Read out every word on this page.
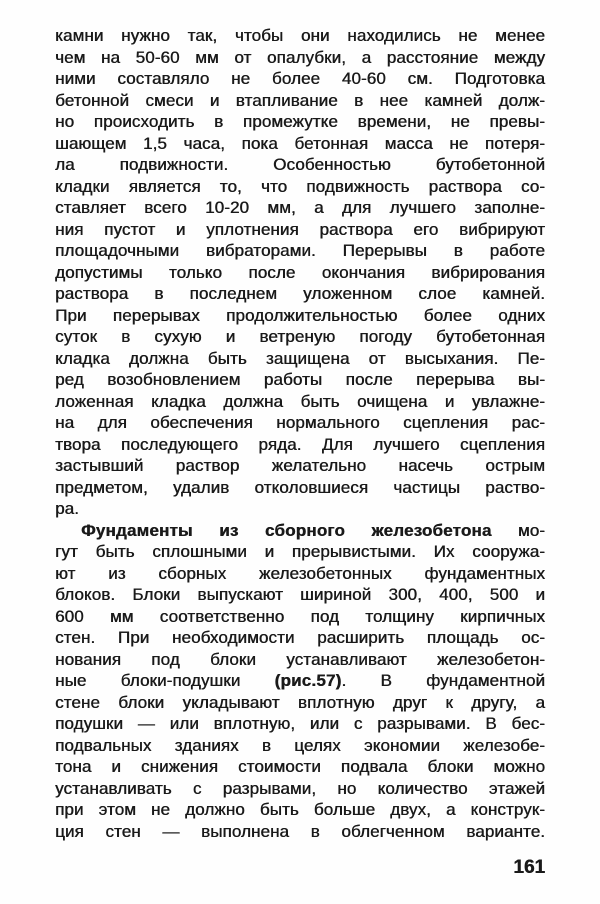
камни нужно так, чтобы они находились не менее
чем на 50-60 мм от опалубки, а расстояние между
ними составляло не более 40-60 см. Подготовка
бетонной смеси и втапливание в нее камней долж-
но происходить в промежутке времени, не превы-
шающем 1,5 часа, пока бетонная масса не потеря-
ла подвижности. Особенностью бутобетонной
кладки является то, что подвижность раствора со-
ставляет всего 10-20 мм, а для лучшего заполне-
ния пустот и уплотнения раствора его вибрируют
площадочными вибраторами. Перерывы в работе
допустимы только после окончания вибрирования
раствора в последнем уложенном слое камней.
При перерывах продолжительностью более одних
суток в сухую и ветреную погоду бутобетонная
кладка должна быть защищена от высыхания. Пе-
ред возобновлением работы после перерыва вы-
ложенная кладка должна быть очищена и увлажне-
на для обеспечения нормального сцепления рас-
твора последующего ряда. Для лучшего сцепления
застывший раствор желательно насечь острым
предметом, удалив отколовшиеся частицы раство-
ра.
Фундаменты из сборного железобетона мо-
гут быть сплошными и прерывистыми. Их сооружа-
ют из сборных железобетонных фундаментных
блоков. Блоки выпускают шириной 300, 400, 500 и
600 мм соответственно под толщину кирпичных
стен. При необходимости расширить площадь ос-
нования под блоки устанавливают железобетон-
ные блоки-подушки (рис.57). В фундаментной
стене блоки укладывают вплотную друг к другу, а
подушки — или вплотную, или с разрывами. В бес-
подвальных зданиях в целях экономии железобе-
тона и снижения стоимости подвала блоки можно
устанавливать с разрывами, но количество этажей
при этом не должно быть больше двух, а конструк-
ция стен — выполнена в облегченном варианте.
161
